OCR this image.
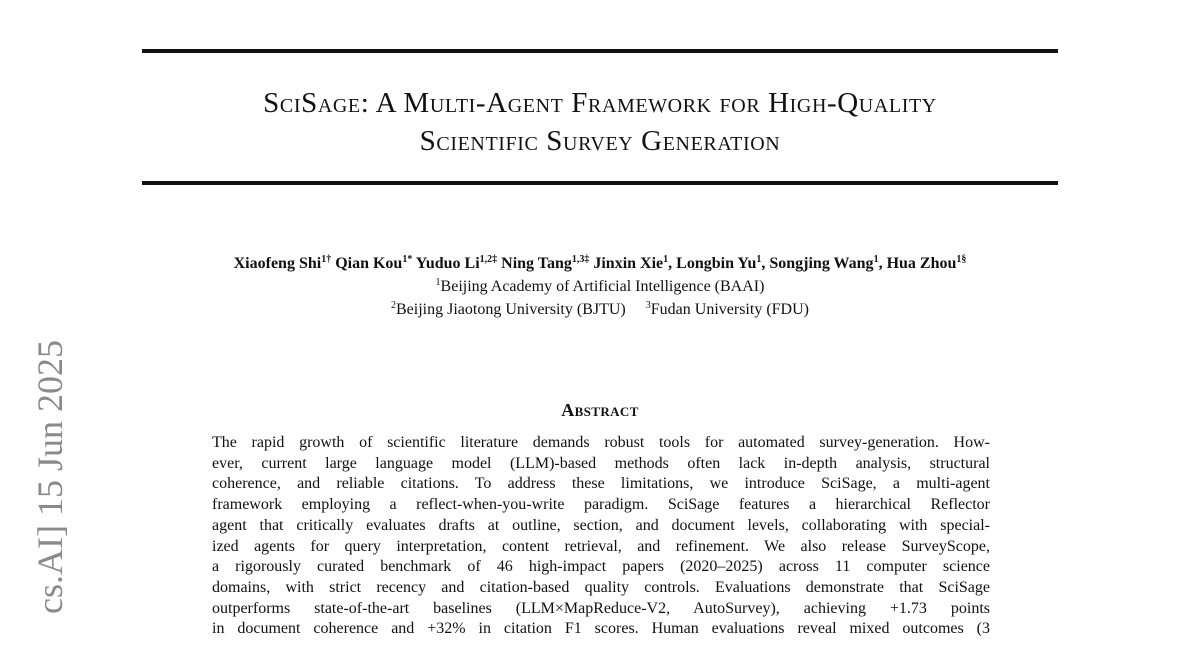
cs.AI] 15 Jun 2025
SciSage: A Multi-Agent Framework for High-Quality
Scientific Survey Generation
Xiaofeng Shi$^{1\dagger}$ Qian Kou$^{1*}$ Yuduo $Li^{1,2\ddagger}$ Ning Tang$^{1,3\ddagger}$ Jinxin Xie$^1$, Longbin Yu$^1$, Songjing Wang$^1$, Hua Zhou$^{1\S}$
$^1$Beijing Academy of Artificial Intelligence (BAAI)
$^2$Beijing Jiaotong University (BJTU) $^3$Fudan University (FDU)
Abstract
The rapid growth of scientific literature demands robust tools for automated survey-generation. How-
ever, current large language model (LLM)-based methods often lack in-depth analysis, structural
coherence, and reliable citations. To address these limitations, we introduce SciSage, a multi-agent
framework employing a reflect-when-you-write paradigm. SciSage features a hierarchical Reflector
agent that critically evaluates drafts at outline, section, and document levels, collaborating with special-
ized agents for query interpretation, content retrieval, and refinement. We also release SurveyScope,
a rigorously curated benchmark of 46 high-impact papers (2020–2025) across 11 computer science
domains, with strict recency and citation-based quality controls. Evaluations demonstrate that SciSage
outperforms state-of-the-art baselines (LLM×MapReduce-V2, AutoSurvey), achieving +1.73 points
in document coherence and +32% in citation F1 scores. Human evaluations reveal mixed outcomes (3
